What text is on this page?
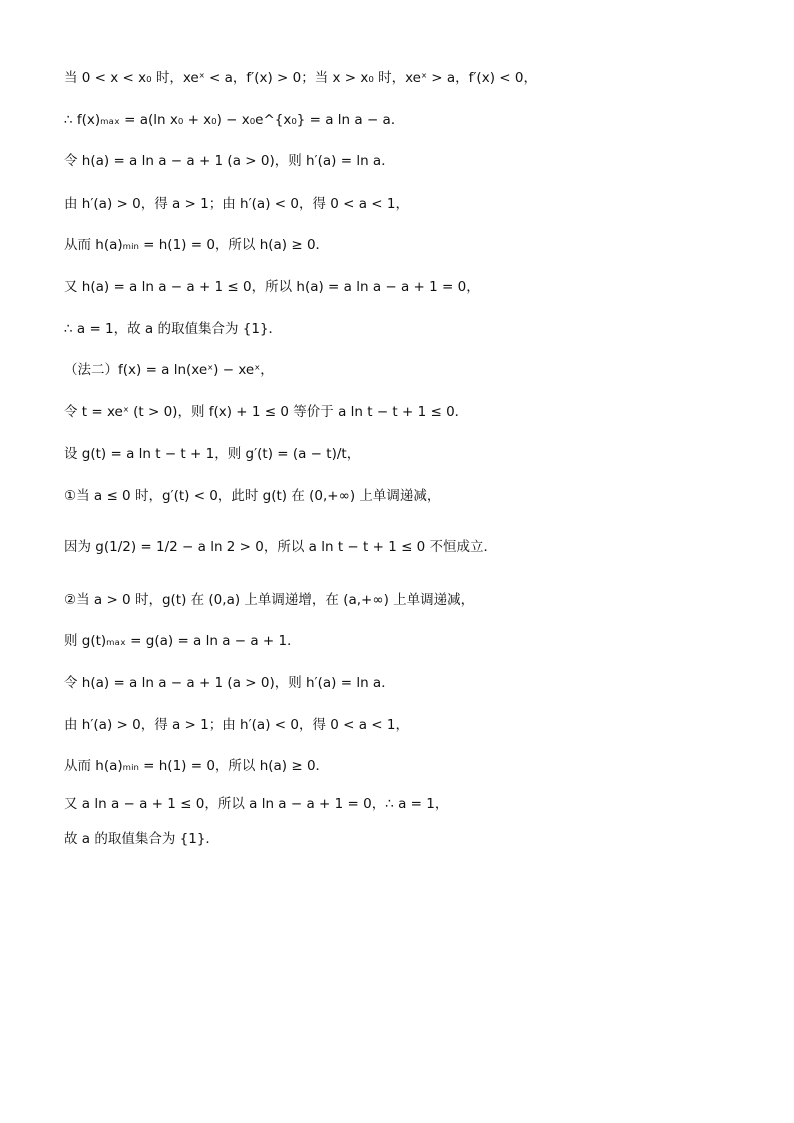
当 0 < x < x₀ 时，xeˣ < a，f′(x) > 0；当 x > x₀ 时，xeˣ > a，f′(x) < 0，
∴ f(x)ₘₐₓ = a(ln x₀ + x₀) − x₀e^{x₀} = a ln a − a．
令 h(a) = a ln a − a + 1 (a > 0)，则 h′(a) = ln a．
由 h′(a) > 0，得 a > 1；由 h′(a) < 0，得 0 < a < 1，
从而 h(a)ₘᵢₙ = h(1) = 0，所以 h(a) ≥ 0．
又 h(a) = a ln a − a + 1 ≤ 0，所以 h(a) = a ln a − a + 1 = 0，
∴ a = 1，故 a 的取值集合为 {1}．
（法二）f(x) = a ln(xeˣ) − xeˣ，
令 t = xeˣ (t > 0)，则 f(x) + 1 ≤ 0 等价于 a ln t − t + 1 ≤ 0．
设 g(t) = a ln t − t + 1，则 g′(t) = (a − t)/t，
①当 a ≤ 0 时，g′(t) < 0，此时 g(t) 在 (0,+∞) 上单调递减，
因为 g(1/2) = 1/2 − a ln 2 > 0，所以 a ln t − t + 1 ≤ 0 不恒成立．
②当 a > 0 时，g(t) 在 (0,a) 上单调递增，在 (a,+∞) 上单调递减，
则 g(t)ₘₐₓ = g(a) = a ln a − a + 1．
令 h(a) = a ln a − a + 1 (a > 0)，则 h′(a) = ln a．
由 h′(a) > 0，得 a > 1；由 h′(a) < 0，得 0 < a < 1，
从而 h(a)ₘᵢₙ = h(1) = 0，所以 h(a) ≥ 0．
又 a ln a − a + 1 ≤ 0，所以 a ln a − a + 1 = 0，∴ a = 1，
故 a 的取值集合为 {1}．
